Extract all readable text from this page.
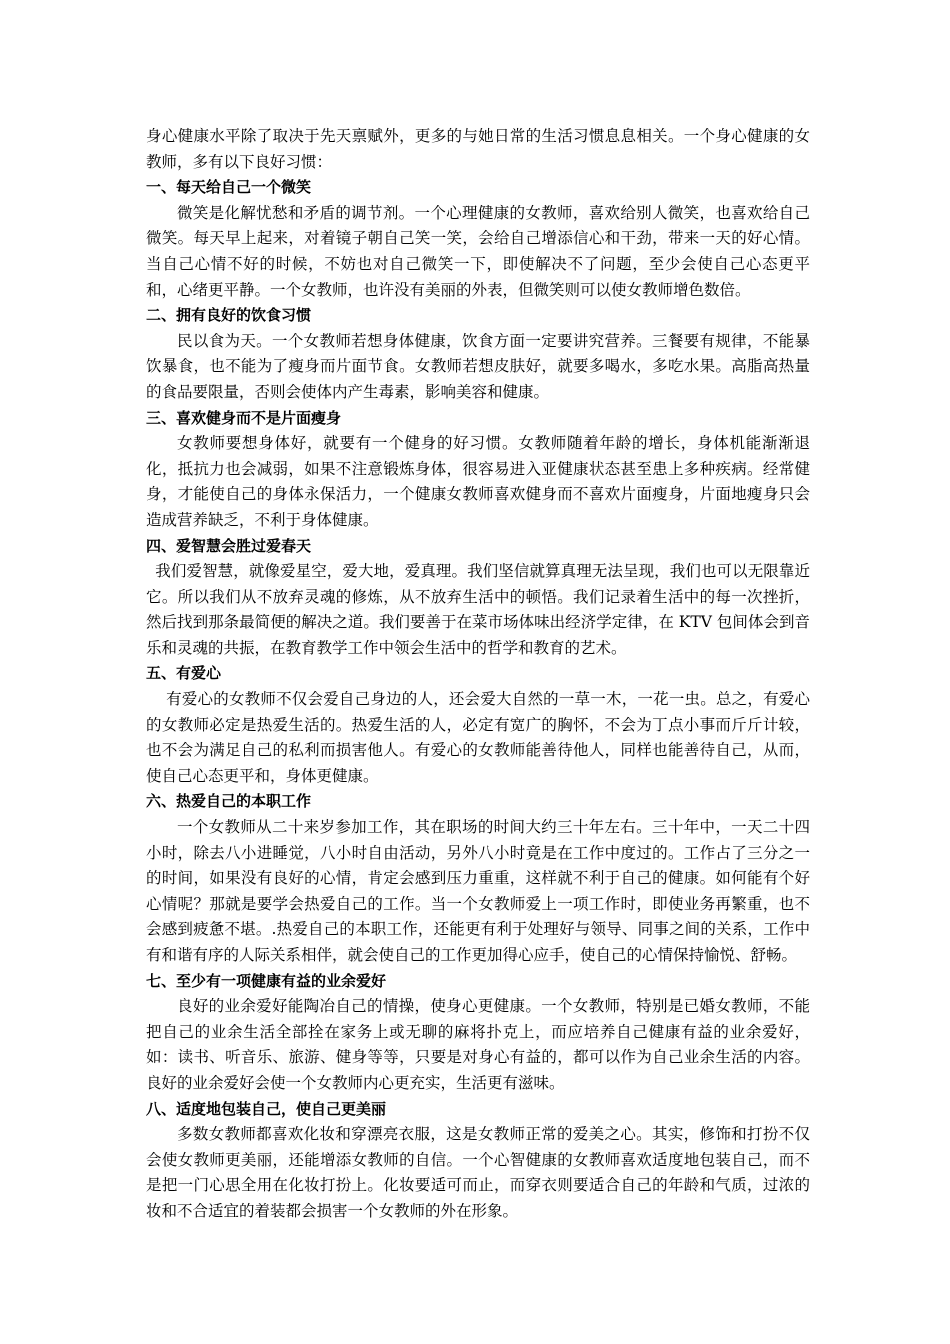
身心健康水平除了取决于先天禀赋外，更多的与她日常的生活习惯息息相关。一个身心健康的女教师，多有以下良好习惯：

一、每天给自己一个微笑

微笑是化解忧愁和矛盾的调节剂。一个心理健康的女教师，喜欢给别人微笑，也喜欢给自己微笑。每天早上起来，对着镜子朝自己笑一笑，会给自己增添信心和干劲，带来一天的好心情。当自己心情不好的时候，不妨也对自己微笑一下，即使解决不了问题，至少会使自己心态更平和，心绪更平静。一个女教师，也许没有美丽的外表，但微笑则可以使女教师增色数倍。

二、拥有良好的饮食习惯

民以食为天。一个女教师若想身体健康，饮食方面一定要讲究营养。三餐要有规律，不能暴饮暴食，也不能为了瘦身而片面节食。女教师若想皮肤好，就要多喝水，多吃水果。高脂高热量的食品要限量，否则会使体内产生毒素，影响美容和健康。

三、喜欢健身而不是片面瘦身

女教师要想身体好，就要有一个健身的好习惯。女教师随着年龄的增长，身体机能渐渐退化，抵抗力也会减弱，如果不注意锻炼身体，很容易进入亚健康状态甚至患上多种疾病。经常健身，才能使自己的身体永保活力，一个健康女教师喜欢健身而不喜欢片面瘦身，片面地瘦身只会造成营养缺乏，不利于身体健康。

四、爱智慧会胜过爱春天

我们爱智慧，就像爱星空，爱大地，爱真理。我们坚信就算真理无法呈现，我们也可以无限靠近它。所以我们从不放弃灵魂的修炼，从不放弃生活中的顿悟。我们记录着生活中的每一次挫折，然后找到那条最简便的解决之道。我们要善于在菜市场体味出经济学定律，在 KTV 包间体会到音乐和灵魂的共振，在教育教学工作中领会生活中的哲学和教育的艺术。

五、有爱心

有爱心的女教师不仅会爱自己身边的人，还会爱大自然的一草一木，一花一虫。总之，有爱心的女教师必定是热爱生活的。热爱生活的人，必定有宽广的胸怀，不会为丁点小事而斤斤计较，也不会为满足自己的私利而损害他人。有爱心的女教师能善待他人，同样也能善待自己，从而，使自己心态更平和，身体更健康。

六、热爱自己的本职工作

一个女教师从二十来岁参加工作，其在职场的时间大约三十年左右。三十年中，一天二十四小时，除去八小进睡觉，八小时自由活动，另外八小时竟是在工作中度过的。工作占了三分之一的时间，如果没有良好的心情，肯定会感到压力重重，这样就不利于自己的健康。如何能有个好心情呢？那就是要学会热爱自己的工作。当一个女教师爱上一项工作时，即使业务再繁重，也不会感到疲惫不堪。.热爱自己的本职工作，还能更有利于处理好与领导、同事之间的关系，工作中有和谐有序的人际关系相伴，就会使自己的工作更加得心应手，使自己的心情保持愉悦、舒畅。

七、至少有一项健康有益的业余爱好

良好的业余爱好能陶冶自己的情操，使身心更健康。一个女教师，特别是已婚女教师，不能把自己的业余生活全部拴在家务上或无聊的麻将扑克上，而应培养自己健康有益的业余爱好，如：读书、听音乐、旅游、健身等等，只要是对身心有益的，都可以作为自己业余生活的内容。良好的业余爱好会使一个女教师内心更充实，生活更有滋味。

八、适度地包装自己，使自己更美丽

多数女教师都喜欢化妆和穿漂亮衣服，这是女教师正常的爱美之心。其实，修饰和打扮不仅会使女教师更美丽，还能增添女教师的自信。一个心智健康的女教师喜欢适度地包装自己，而不是把一门心思全用在化妆打扮上。化妆要适可而止，而穿衣则要适合自己的年龄和气质，过浓的妆和不合适宜的着装都会损害一个女教师的外在形象。
